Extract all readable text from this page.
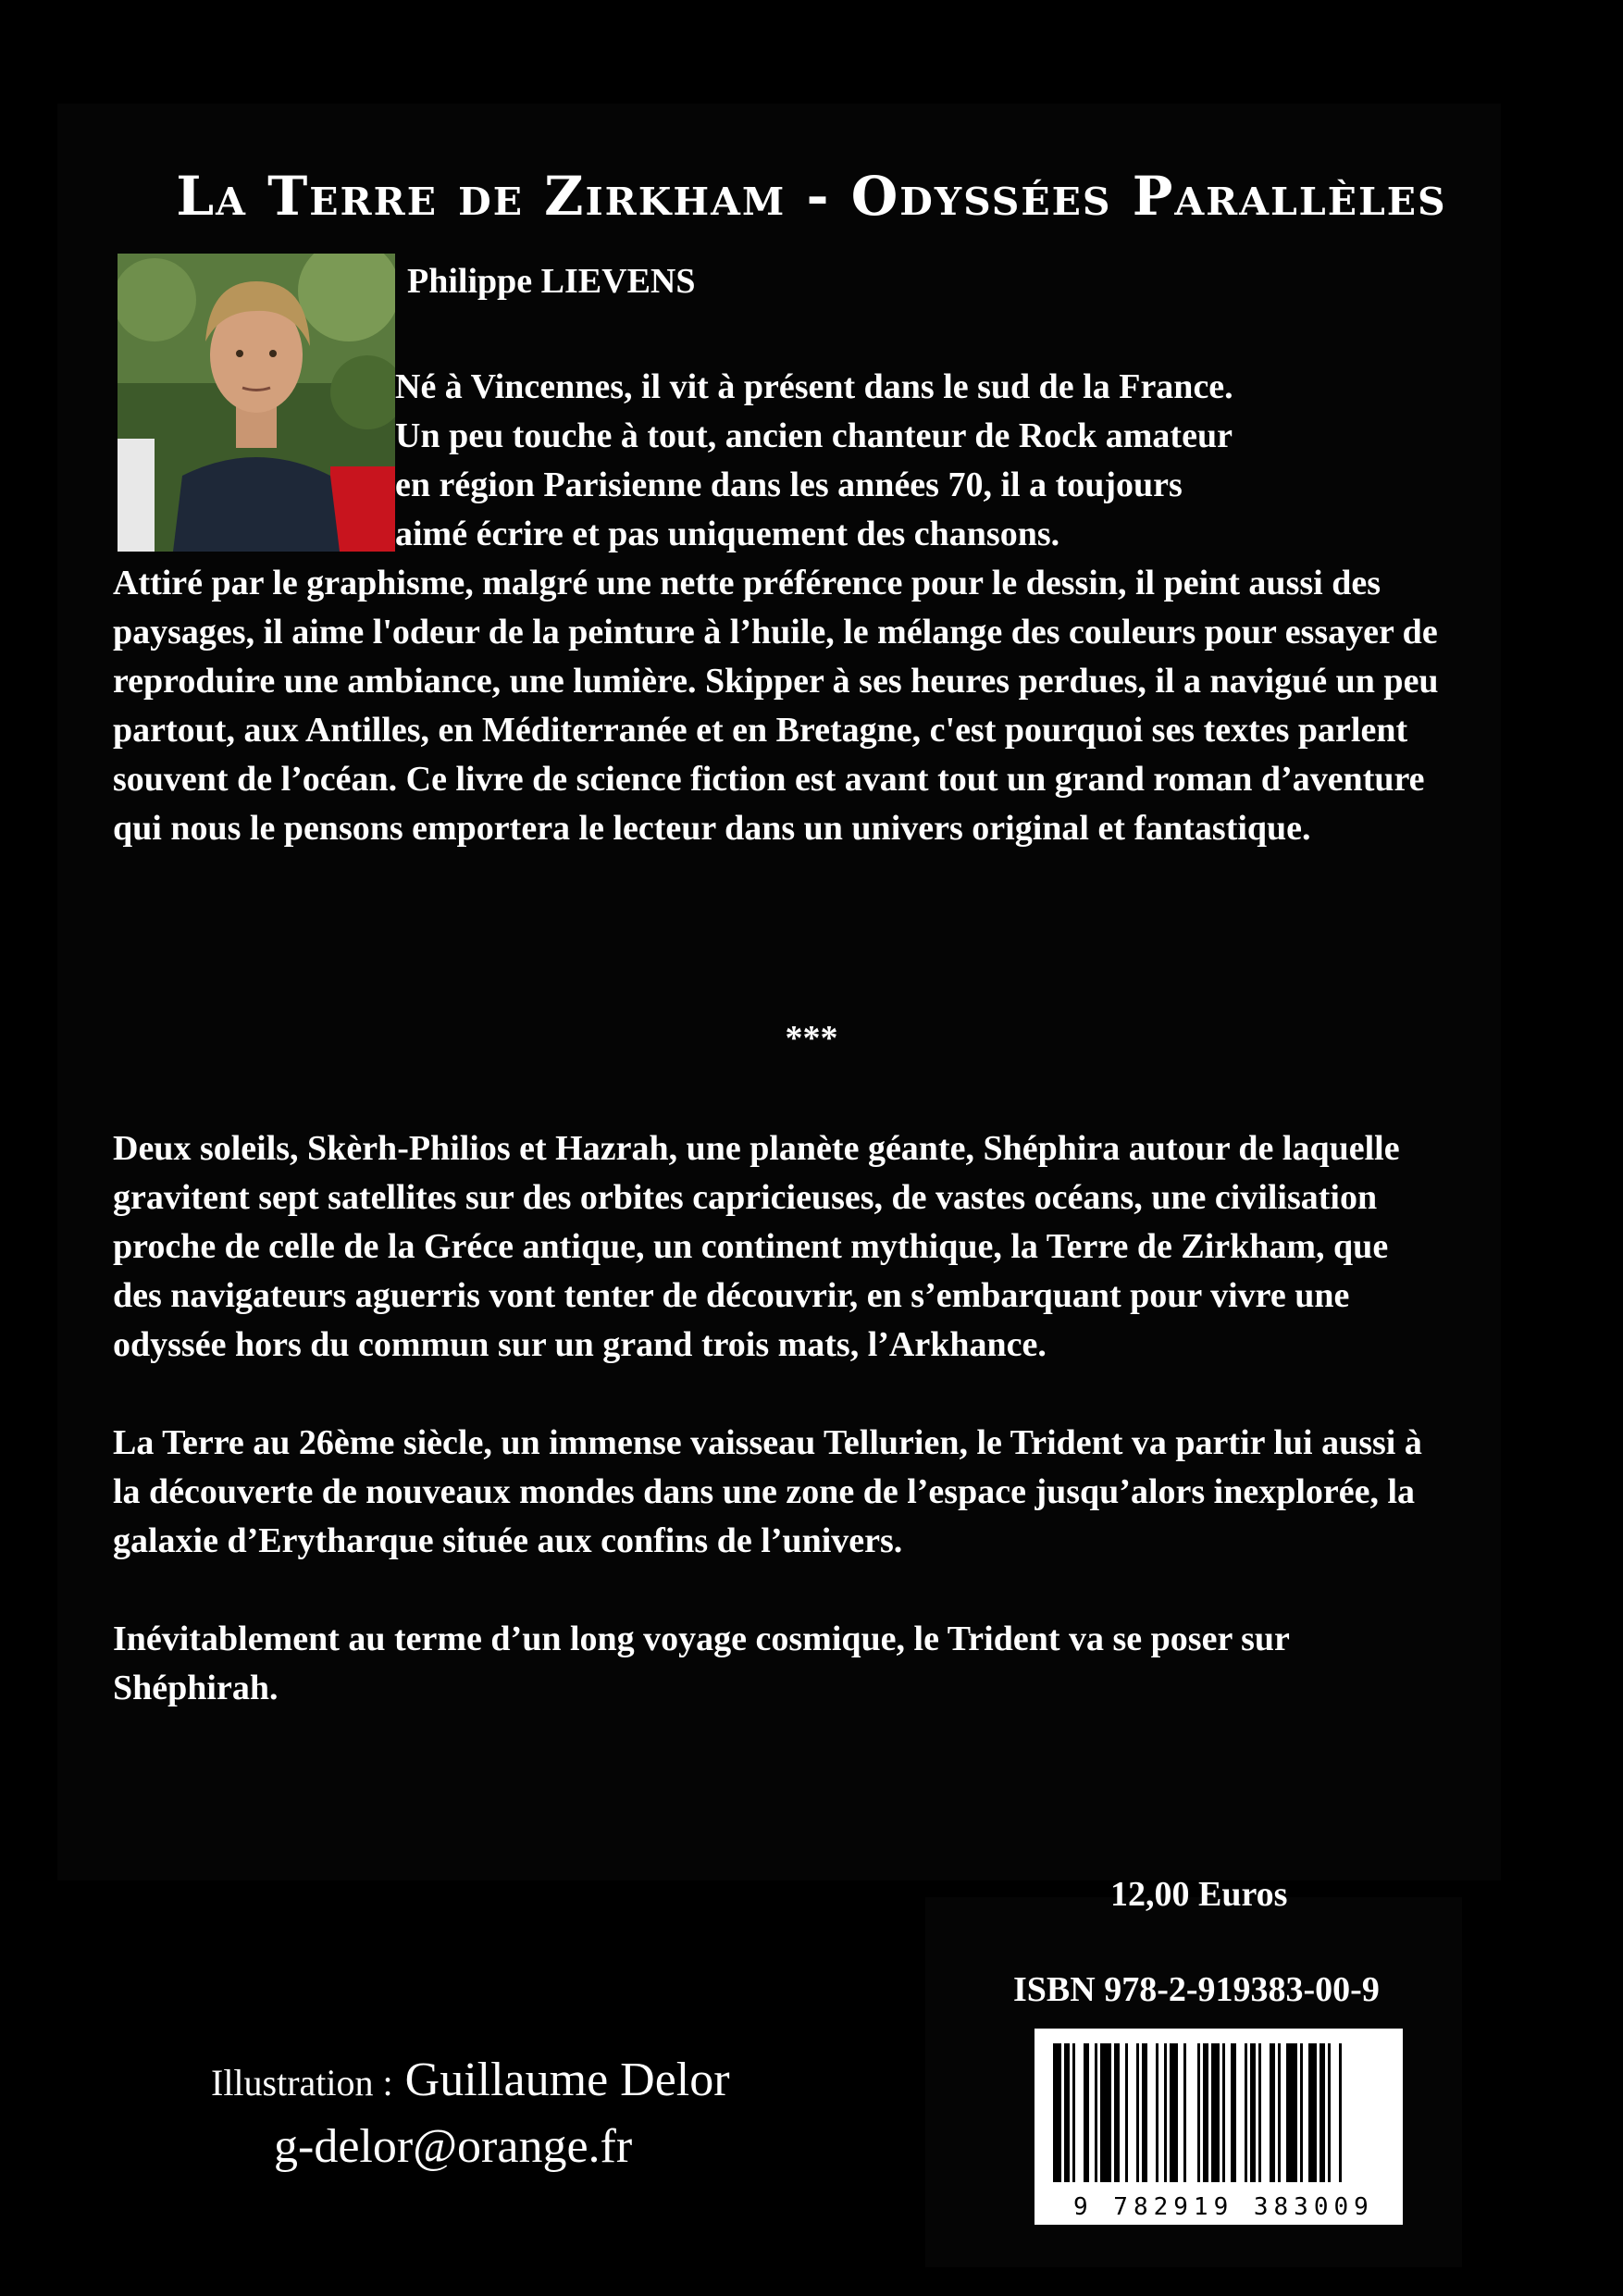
La Terre de Zirkham - Odyssées Parallèles
Philippe LIEVENS

Né à Vincennes, il vit à présent dans le sud de la France.

Un peu touche à tout, ancien chanteur de Rock amateur

en région Parisienne dans les années 70, il a toujours

aimé écrire et pas uniquement des chansons.

Attiré par le graphisme, malgré une nette préférence pour le dessin, il peint aussi des paysages, il aime l'odeur de la peinture à l’huile, le mélange des couleurs pour essayer de reproduire une ambiance, une lumière. Skipper à ses heures perdues, il a navigué un peu partout, aux Antilles, en Méditerranée et en Bretagne, c'est pourquoi ses textes parlent souvent de l’océan. Ce livre de science fiction est avant tout un grand roman d’aventure qui nous le pensons emportera le lecteur dans un univers original et fantastique.

***

Deux soleils, Skèrh-Philios et Hazrah, une planète géante, Shéphira autour de laquelle gravitent sept satellites sur des orbites capricieuses, de vastes océans, une civilisation proche de celle de la Gréce antique, un continent mythique, la Terre de Zirkham, que des navigateurs aguerris vont tenter de découvrir, en s’embarquant pour vivre une odyssée hors du commun sur un grand trois mats, l’Arkhance.

La Terre au 26ème siècle, un immense vaisseau Tellurien, le Trident va partir lui aussi à la découverte de nouveaux mondes dans une zone de l’espace jusqu’alors inexplorée, la galaxie d’Erytharque située aux confins de l’univers.

Inévitablement au terme d’un long voyage cosmique, le Trident va se poser sur Shéphirah.

12,00 Euros
ISBN 978-2-919383-00-9
9 782919 383009
Illustration : Guillaume Delor
g-delor@orange.fr
